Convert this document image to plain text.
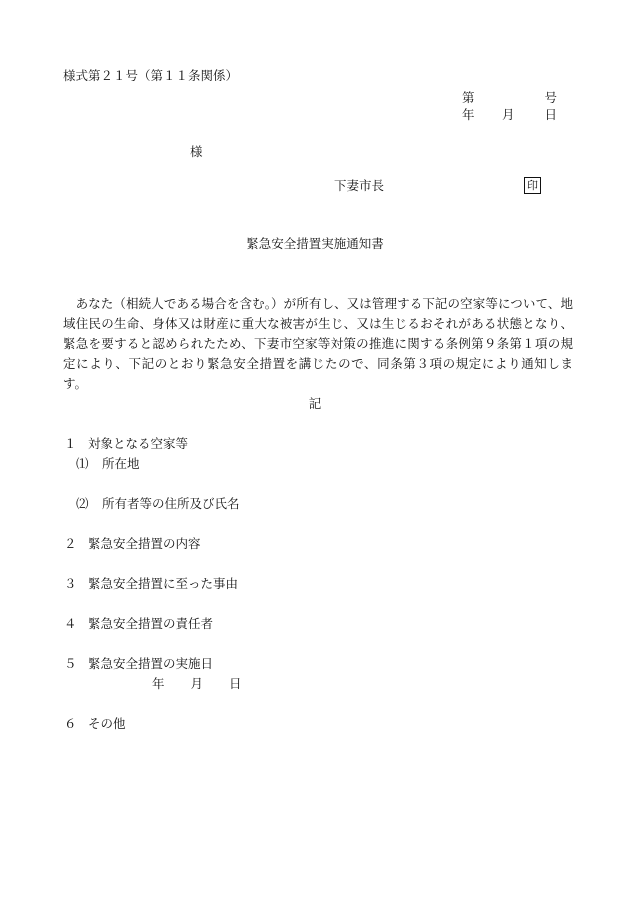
様式第２１号（第１１条関係）
第	号
年 月 日
様
下妻市長	印
緊急安全措置実施通知書

　あなた（相続人である場合を含む。）が所有し、又は管理する下記の空家等について、地域住民の生命、身体又は財産に重大な被害が生じ、又は生じるおそれがある状態となり、緊急を要すると認められたため、下妻市空家等対策の推進に関する条例第９条第１項の規定により、下記のとおり緊急安全措置を講じたので、同条第３項の規定により通知します。

記
１ 対象となる空家等
⑴ 所在地
⑵ 所有者等の住所及び氏名
２ 緊急安全措置の内容
３ 緊急安全措置に至った事由
４ 緊急安全措置の責任者
５ 緊急安全措置の実施日
年 月 日
６ その他
